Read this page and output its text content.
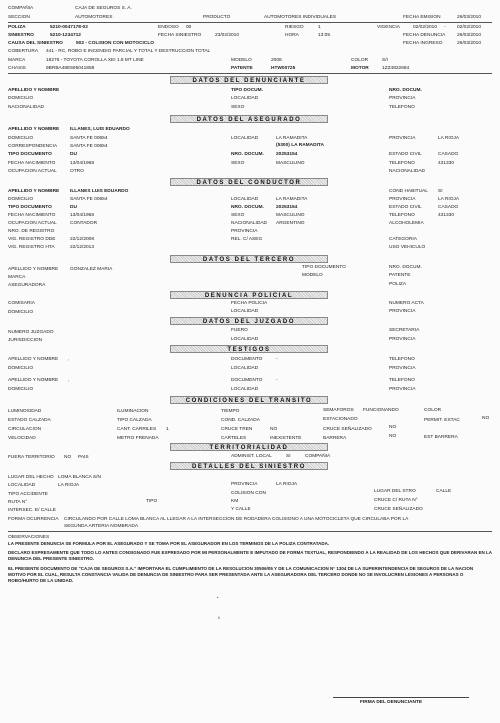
COMPAÑIA	CAJA DE SEGUROS S. A.
SECCION	AUTOMOTORES	PRODUCTO	AUTOMOTORES INDIVIDUALES	FECHA EMISION	26/03/2010
POLIZA	5210-0047178-02	ENDOSO 00	RIESGO	1	VIGENCIA	02/02/2010 - 02/02/2010
SINIESTRO	5210-1234712	FECHA SINIESTRO	23/02/2010	HORA	13:05	FECHA DENUNCIA 26/03/2010
CAUSA DEL SINIESTRO	502 - COLISION CON MOTOCICLO	FECHA INGRESO	26/03/2010
COBERTURA 441 - RC, ROBO E INCENDIO PARCIAL Y TOTAL Y DESTRUCCION TOTAL
MARCA	18276 - TOYOTA COROLLA XEI 1.8 MT LINE	MODELO	2008	COLOR	S/I
CHASIS	9BRBA48E595041858	PATENTE	HTW00725	MOTOR	1ZZ4822684
DATOS DEL DENUNCIANTE
APELLIDO Y NOMBRE	TIPO DOCUM.	NRO. DOCUM.
DOMICILIO	LOCALIDAD	PROVINCIA
NACIONALIDAD	SEXO	TELEFONO
DATOS DEL ASEGURADO
APELLIDO Y NOMBRE ILLANES, LUIS EDUARDO
DOMICILIO	SANTA FE 00654	LOCALIDAD	LA RAMADITA	PROVINCIA	LA RIOJA
CORRESPONDENCIA	SANTA FE 00654	(5300) LA RAMADITA
TIPO DOCUMENTO	DU	NRO. DOCUM.	20253154	ESTADO CIVIL	CASADO
FECHA NACIMIENTO	13/04/1968	SEXO	MASCULINO	TELEFONO	431330
OCUPACION ACTUAL	OTRO	NACIONALIDAD
DATOS DEL CONDUCTOR
APELLIDO Y NOMBRE ILLANES LUIS EDUARDO	COND HABITUAL SI
DOMICILIO	SANTA FE 00654	LOCALIDAD	LA RAMADITA	PROVINCIA	LA RIOJA
TIPO DOCUMENTO	DU	NRO. DOCUM.	20253154	ESTADO CIVIL	CASADO
FECHA NACIMIENTO	13/04/1968	SEXO	MASCULINO	TELEFONO	431330
OCUPACION ACTUAL	CONTADOR	NACIONALIDAD ARGENTINO	ALCOHOLEMIA
NRO. DE REGISTRO	PROVINCIA
VIG. REGISTRO DDE	22/12/2008	REL. C/ ASEG	CATEGORIA
VIG. REGISTRO HTA	22/12/2013	USO VEHICULO
DATOS DEL TERCERO
APELLIDO Y NOMBRE GONZALEZ MARIA	TIPO DOCUMENTO	NRO. DOCUM.
MARCA	MODELO	PATENTE
ASEGURADORA	POLIZA
DENUNCIA POLICIAL
COMISARIA	FECHA POLICIA	NUMERO ACTA
DOMICILIO	LOCALIDAD	PROVINCIA
DATOS DEL JUZGADO
NUMERO JUZGADO	FUERO	SECRETARIA
JURISDICCION	LOCALIDAD	PROVINCIA
TESTIGOS
APELLIDO Y NOMBRE ,	DOCUMENTO	-	TELEFONO
DOMICILIO	LOCALIDAD	PROVINCIA
APELLIDO Y NOMBRE ,	DOCUMENTO	-	TELEFONO
DOMICILIO	LOCALIDAD	PROVINCIA
CONDICIONES DEL TRANSITO
LUMINOSIDAD	ILUMINACION	TIEMPO	SEMAFOROS FUNCIONANDO	COLOR
ESTADO CALZADA	TIPO CALZADA	COND. CALZADA	ESTACIONADO	PERMIT. ESTAC	NO
CIRCULACION	CANT. CARRILES 1	CRUCE TREN	NO	CRUCE SEÑALIZADO	NO
VELOCIDAD	METRO FRENADA	CARTELES	INEXISTENTE	BARRERA	NO	EST BARRERA
TERRITORIALIDAD
FUERA TERRITORIO NO PAIS	ADMINIST. LOCAL	SI	COMPAÑIA
DETALLES DEL SINIESTRO
LUGAR DEL HECHO LOMA BLANCA S/N
LOCALIDAD	LA RIOJA	PROVINCIA	LA RIOJA
TIPO ACCIDENTE	COLISION CON	LUGAR DEL STRO	CALLE
RUTA N°	TIPO	KM	CRUCE C/ RUTA N°
INTERSEC. E/ CALLE	Y CALLE	CRUCE SEÑALIZADO
FORMA OCURRENCIA CIRCULANDO POR CALLE LOMA BLANCA AL LLEGAR A LA INTERSECCION DE RODADERA COLISIONO A UNA MOTOCICLETA QUE CIRCULABA POR LA
SEGUNDA ARTERIA NOMBRADA
OBSERVACIONES
LA PRESENTE DENUNCIA SE FORMULA POR EL ASEGURADO Y SE TOMA POR EL ASEGURADOR EN LOS TERMINOS DE LA POLIZA CONTRATADA.
DECLARO EXPRESAMENTE QUE TODO LO ANTES CONSIGNADO FUE EXPRESADO POR MI PERSONALMENTE E IMPUTADO DE FORMA TEXTUAL, RESPONDIENDO A LA REALIDAD DE LOS HECHOS QUE DERIVARAN EN LA DENUNCIA DEL PRESENTE SINIESTRO.
EL PRESENTE DOCUMENTO DE "CAJA DE SEGUROS S.A." IMPORTARA EL CUMPLIMIENTO DE LA RESOLUCION 30506/05 Y DE LA COMUNICACION N° 1304 DE LA SUPERINTENDENCIA DE SEGUROS DE LA NACION MOTIVO POR EL CUAL, RESULTA CONSTANCIA VALIDA DE DENUNCIA DE SINIESTRO PARA SER PRESENTADA ANTE LA ASEGURADORA DEL TERCERO DONDE NO SE INVOLUCREN LESIONES A PERSONAS O ROBO/HURTO DE LA UNIDAD.
·
ʹ
FIRMA DEL DENUNCIANTE
